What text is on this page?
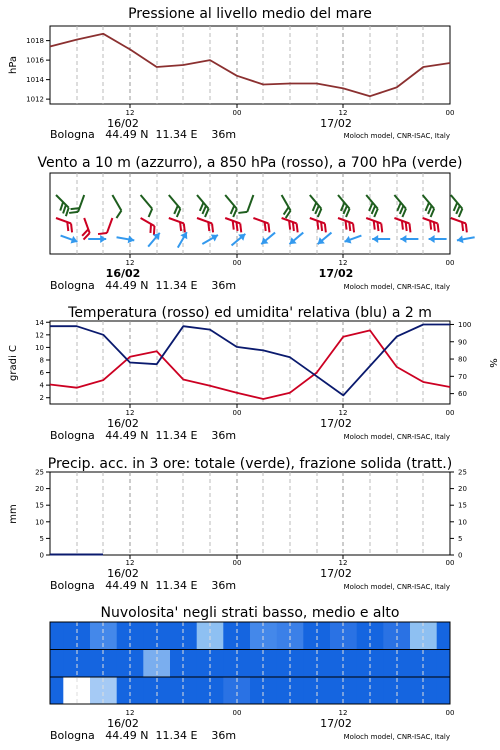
Pressione al livello medio del mare
1012
1014
1016
1018
hPa
12	00	12	00
16/02	17/02
Bologna   44.49 N  11.34 E    36m	Moloch model, CNR-ISAC, Italy
Vento a 10 m (azzurro), a 850 hPa (rosso), a 700 hPa (verde)
12	00	12	00
16/02	17/02
Bologna   44.49 N  11.34 E    36m	Moloch model, CNR-ISAC, Italy
Temperatura (rosso) ed umidita' relativa (blu) a 2 m
2
4
6
8
10
12
14
60
70
80
90
100
gradi C	%
12	00	12	00
16/02	17/02
Bologna   44.49 N  11.34 E    36m	Moloch model, CNR-ISAC, Italy
Precip. acc. in 3 ore: totale (verde), frazione solida (tratt.)
0
5
10
15
20
25
0
5
10
15
20
25
mm
12	00	12	00
16/02	17/02
Bologna   44.49 N  11.34 E    36m	Moloch model, CNR-ISAC, Italy
Nuvolosita' negli strati basso, medio e alto
12	00	12	00
16/02	17/02
Bologna   44.49 N  11.34 E    36m	Moloch model, CNR-ISAC, Italy
